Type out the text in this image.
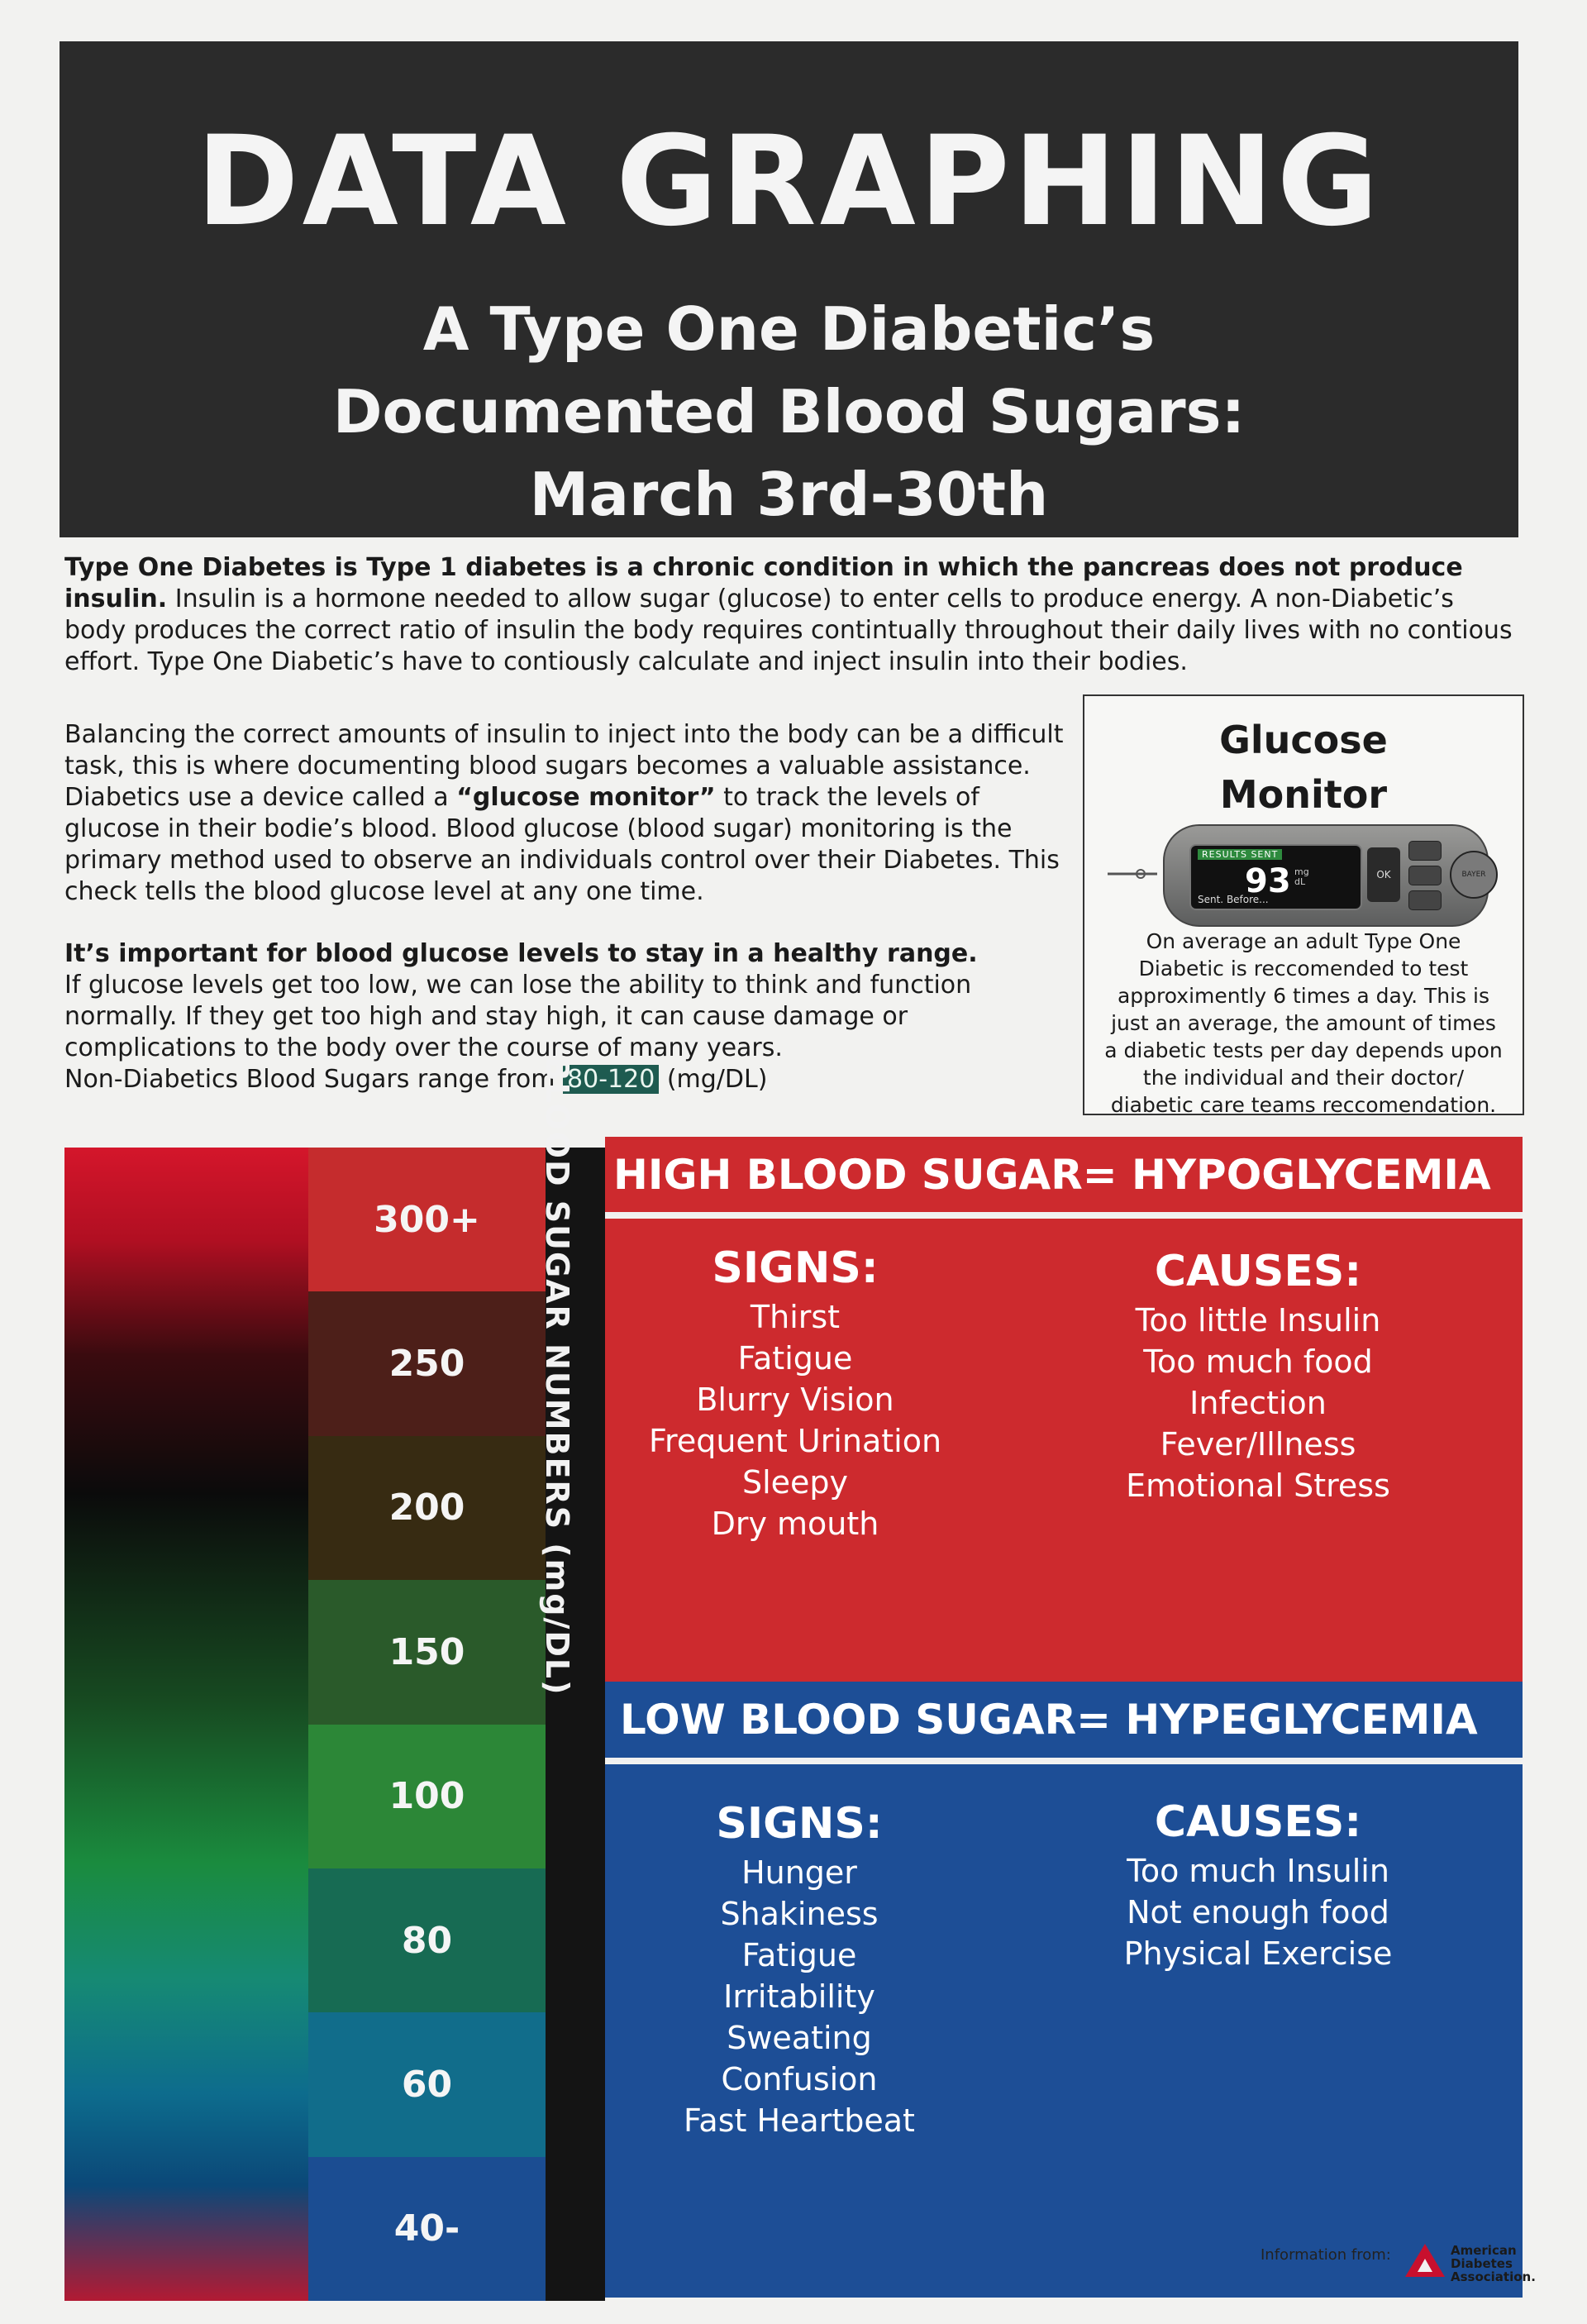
DATA GRAPHING
A Type One Diabetic’s
Documented Blood Sugars:
March 3rd-30th
Type One Diabetes is Type 1 diabetes is a chronic condition in which the pancreas does not produce insulin. Insulin is a hormone needed to allow sugar (glucose) to enter cells to produce energy. A non-Diabetic’s body produces the correct ratio of insulin the body requires contintually throughout their daily lives with no contious effort. Type One Diabetic’s have to contiously calculate and inject insulin into their bodies.
Balancing the correct amounts of insulin to inject into the body can be a difficult task, this is where documenting blood sugars becomes a valuable assistance. Diabetics use a device called a “glucose monitor” to track the levels of glucose in their bodie’s blood. Blood glucose (blood sugar) monitoring is the primary method used to observe an individuals control over their Diabetes. This check tells the blood glucose level at any one time.
It’s important for blood glucose levels to stay in a healthy range.
If glucose levels get too low, we can lose the ability to think and function normally. If they get too high and stay high, it can cause damage or complications to the body over the course of many years.
Non-Diabetics Blood Sugars range from 80-120 (mg/DL)
Glucose
Monitor
RESULTS SENT
93 mg
dL
Sent. Before...
OK	BAYER
On average an adult Type One
Diabetic is reccomended to test
approximently 6 times a day. This is
just an average, the amount of times
a diabetic tests per day depends upon
the individual and their doctor/
diabetic care teams reccomendation.
300+
250
200
150
100
80
60
40-
BLOOD SUGAR NUMBERS (mg/DL) HIGH BLOOD SUGAR= HYPOGLYCEMIA
SIGNS:
Thirst
Fatigue
Blurry Vision
Frequent Urination
Sleepy
Dry mouth
CAUSES:
Too little Insulin
Too much food
Infection
Fever/Illness
Emotional Stress
LOW BLOOD SUGAR= HYPEGLYCEMIA
SIGNS:
Hunger
Shakiness
Fatigue
Irritability
Sweating
Confusion
Fast Heartbeat
CAUSES:
Too much Insulin
Not enough food
Physical Exercise
Information from:	American
Diabetes
Association.
